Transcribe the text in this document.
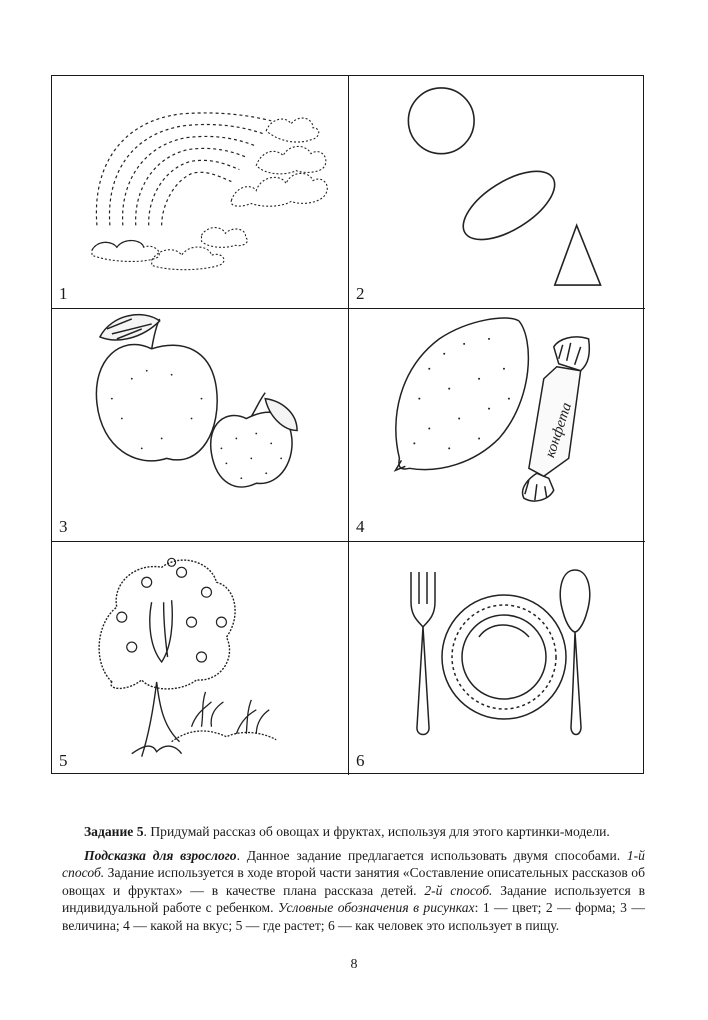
1	2
3
конфета
4
5	6

Задание 5. Придумай рассказ об овощах и фруктах, используя для этого картинки-модели.

Подсказка для взрослого. Данное задание предлагается использовать двумя способами. 1-й способ. Задание используется в ходе второй части занятия «Составление описательных рассказов об овощах и фруктах» — в качестве плана рассказа детей. 2-й способ. Задание используется в индивидуальной работе с ребенком. Условные обозначения в рисунках: 1 — цвет; 2 — форма; 3 — величина; 4 — какой на вкус; 5 — где растет; 6 — как человек это использует в пищу.

8
